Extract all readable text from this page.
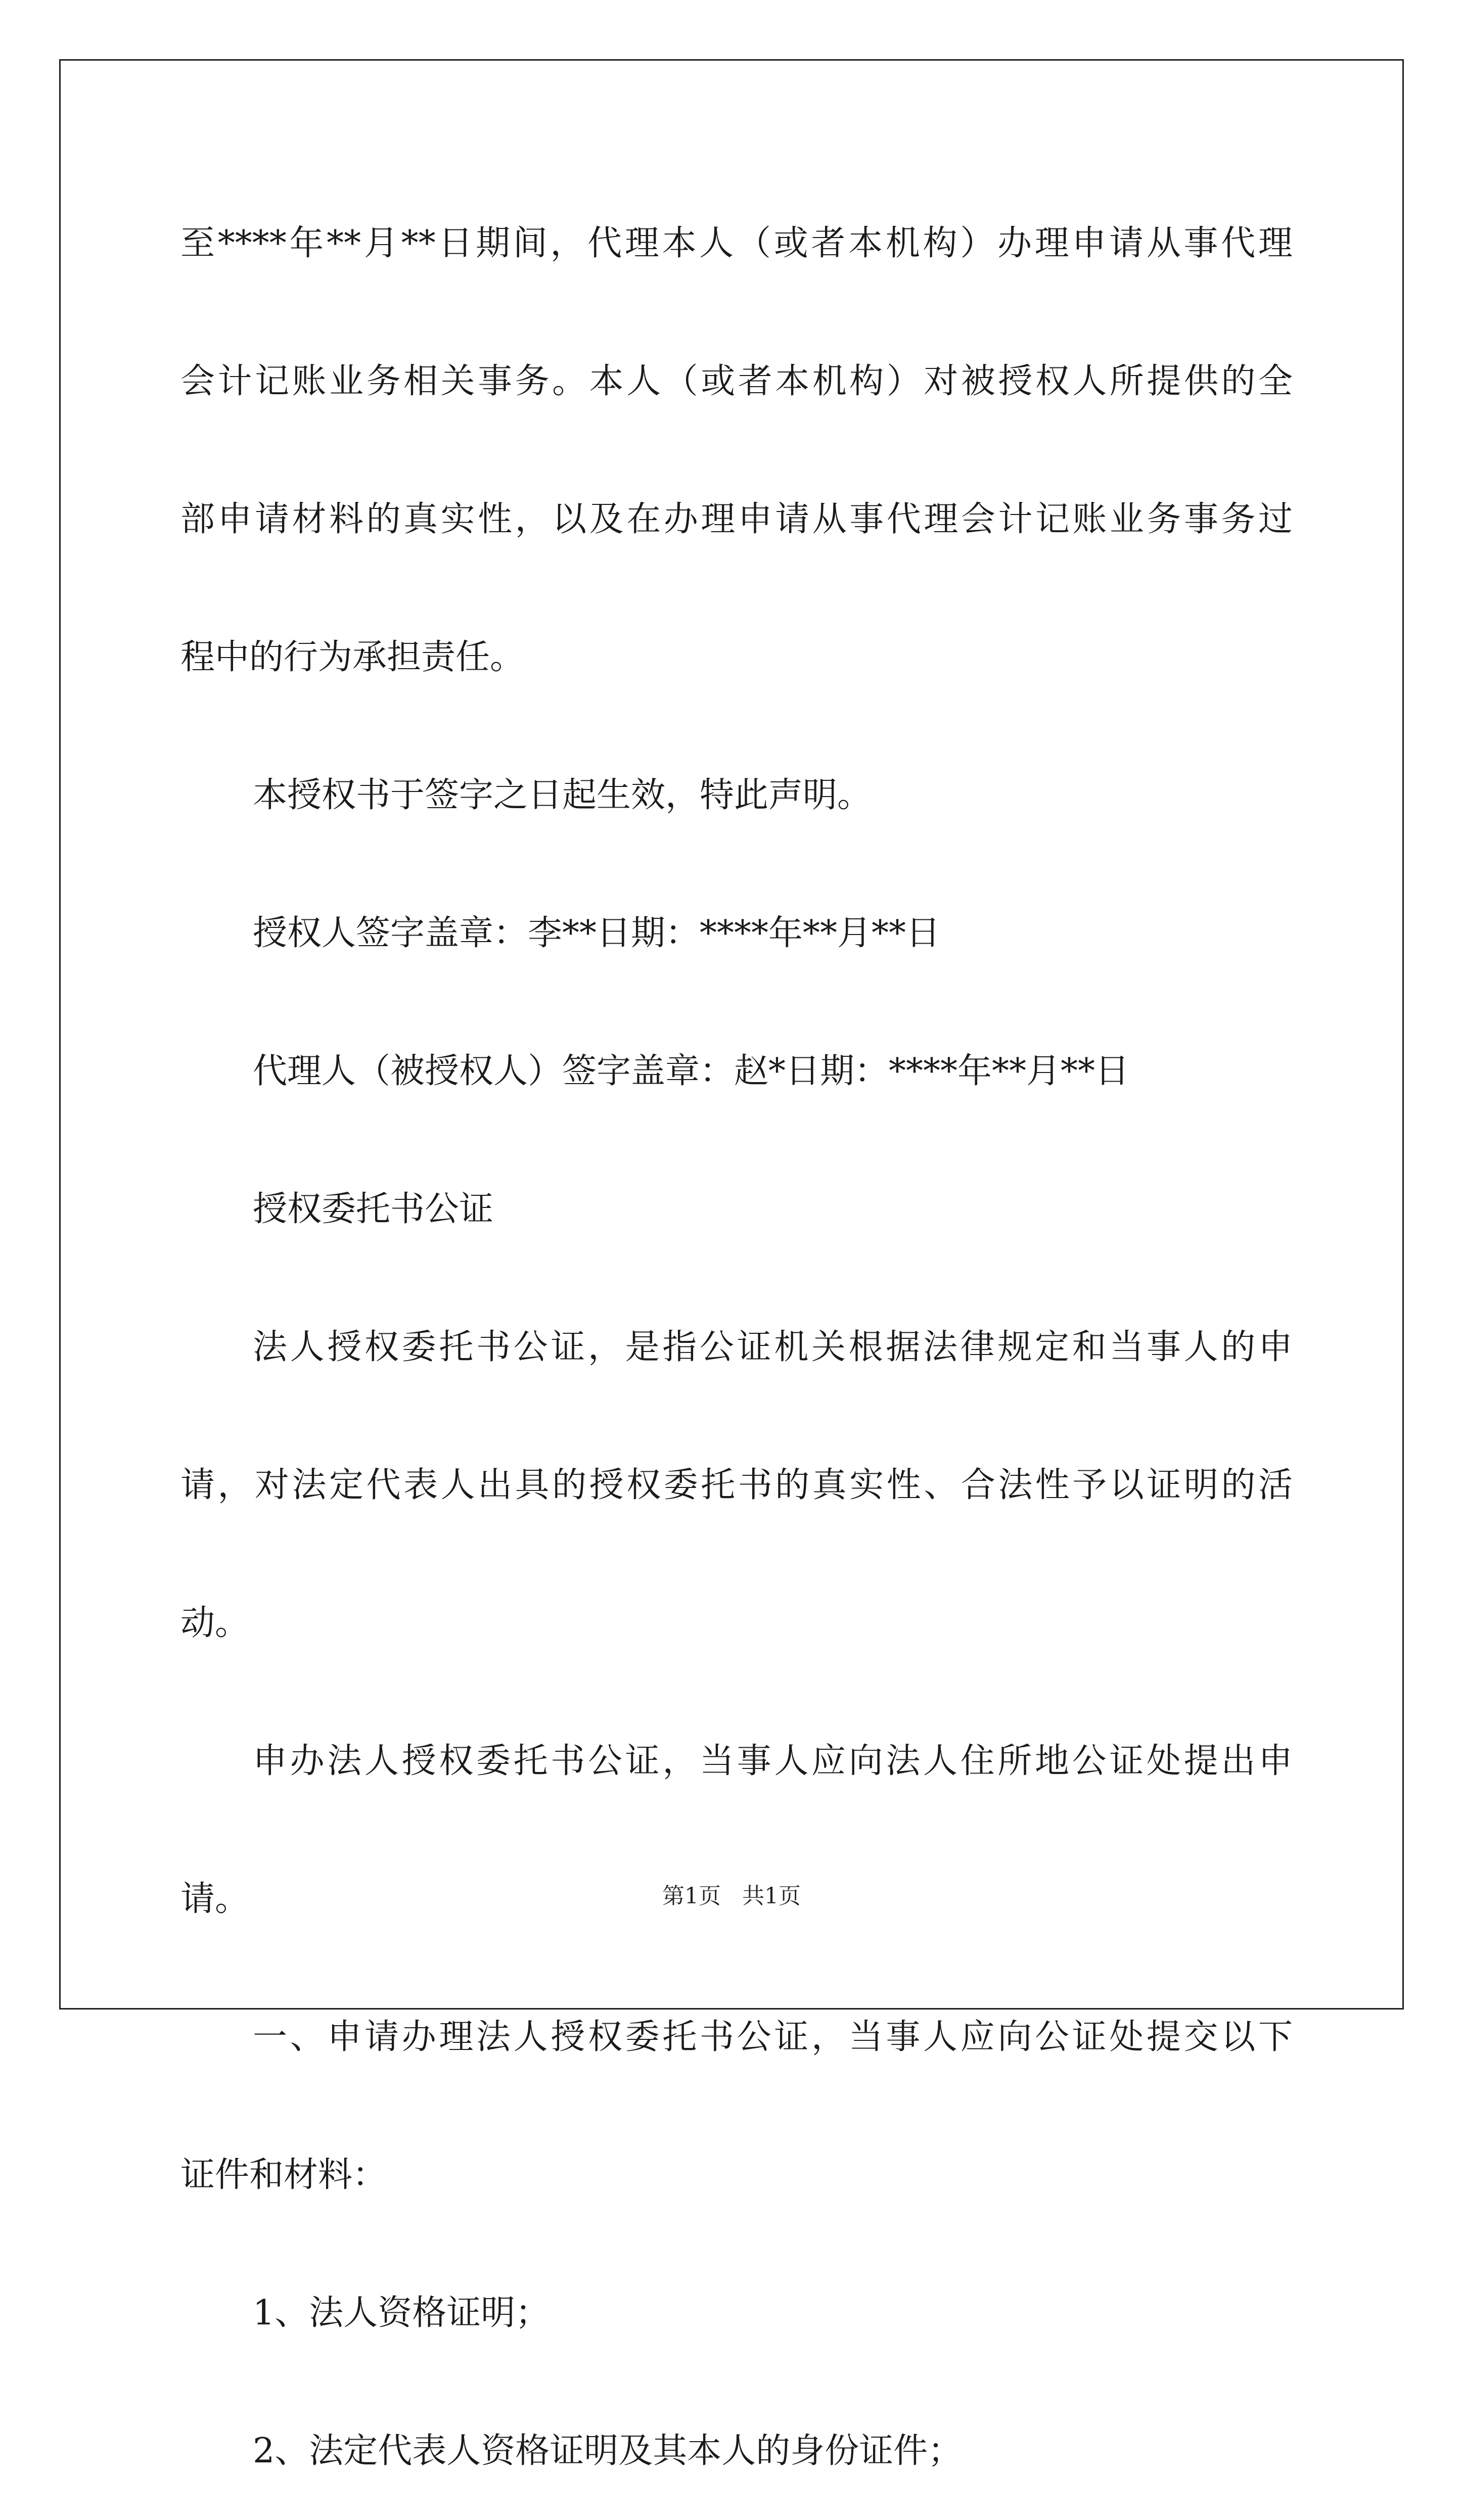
至****年**月**日期间，代理本人（或者本机构）办理申请从事代理
会计记账业务相关事务。本人（或者本机构）对被授权人所提供的全
部申请材料的真实性，以及在办理申请从事代理会计记账业务事务过
程中的行为承担责任。
本授权书于签字之日起生效，特此声明。
授权人签字盖章：李**日期：****年**月**日
代理人（被授权人）签字盖章：赵*日期：****年**月**日
授权委托书公证
法人授权委托书公证，是指公证机关根据法律规定和当事人的申
请，对法定代表人出具的授权委托书的真实性、合法性予以证明的活
动。
申办法人授权委托书公证，当事人应向法人住所地公证处提出申
请。
一、申请办理法人授权委托书公证，当事人应向公证处提交以下
证件和材料：
1、法人资格证明；
2、法定代表人资格证明及其本人的身份证件；
第1页 共1页
